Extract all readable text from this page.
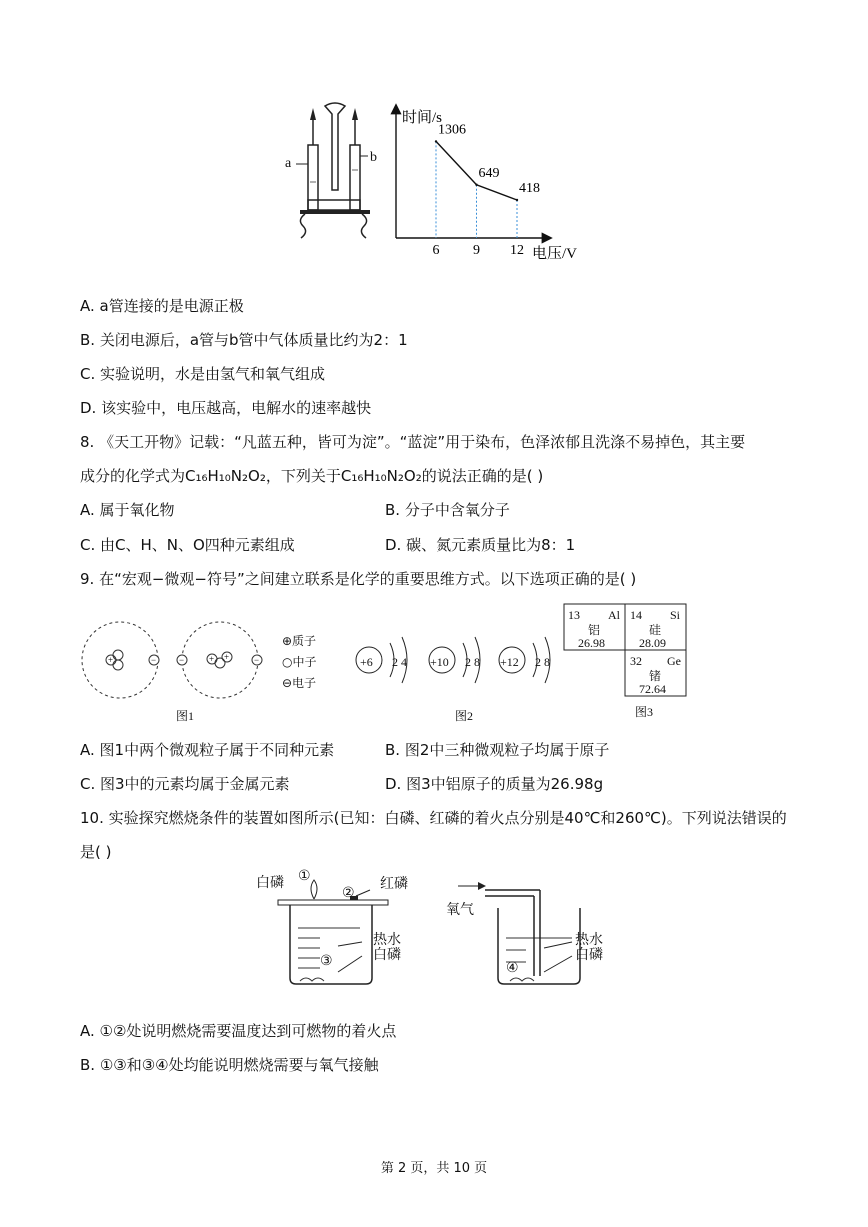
a	b
时间/s
电压/V
1306
6
649
9
418
12
A. a管连接的是电源正极
B. 关闭电源后，a管与b管中气体质量比约为2：1
C. 实验说明，水是由氢气和氧气组成
D. 该实验中，电压越高，电解水的速率越快
8. 《天工开物》记载：“凡蓝五种，皆可为淀”。“蓝淀”用于染布，色泽浓郁且洗涤不易掉色，其主要
成分的化学式为C₁₆H₁₀N₂O₂，下列关于C₁₆H₁₀N₂O₂的说法正确的是( )
A. 属于氧化物	B. 分子中含氧分子
C. 由C、H、N、O四种元素组成	D. 碳、氮元素质量比为8：1
9. 在“宏观−微观−符号”之间建立联系是化学的重要思维方式。以下选项正确的是( )
+	−	+ +
−	−
⊕质子
○中子
⊖电子
图1
+6 2 4 +10 2 8 +12 2 8
图2
13 Al
铝
26.98
14 Si
硅
28.09
32 Ge
锗
72.64
图3
A. 图1中两个微观粒子属于不同种元素	B. 图2中三种微观粒子均属于原子
C. 图3中的元素均属于金属元素	D. 图3中铝原子的质量为26.98g
10. 实验探究燃烧条件的装置如图所示(已知：白磷、红磷的着火点分别是40℃和260℃)。下列说法错误的
是( )
白磷 ①
②
红磷
热水
白磷
③
氧气
热水
白磷
④
A. ①②处说明燃烧需要温度达到可燃物的着火点
B. ①③和③④处均能说明燃烧需要与氧气接触
第 2 页，共 10 页
